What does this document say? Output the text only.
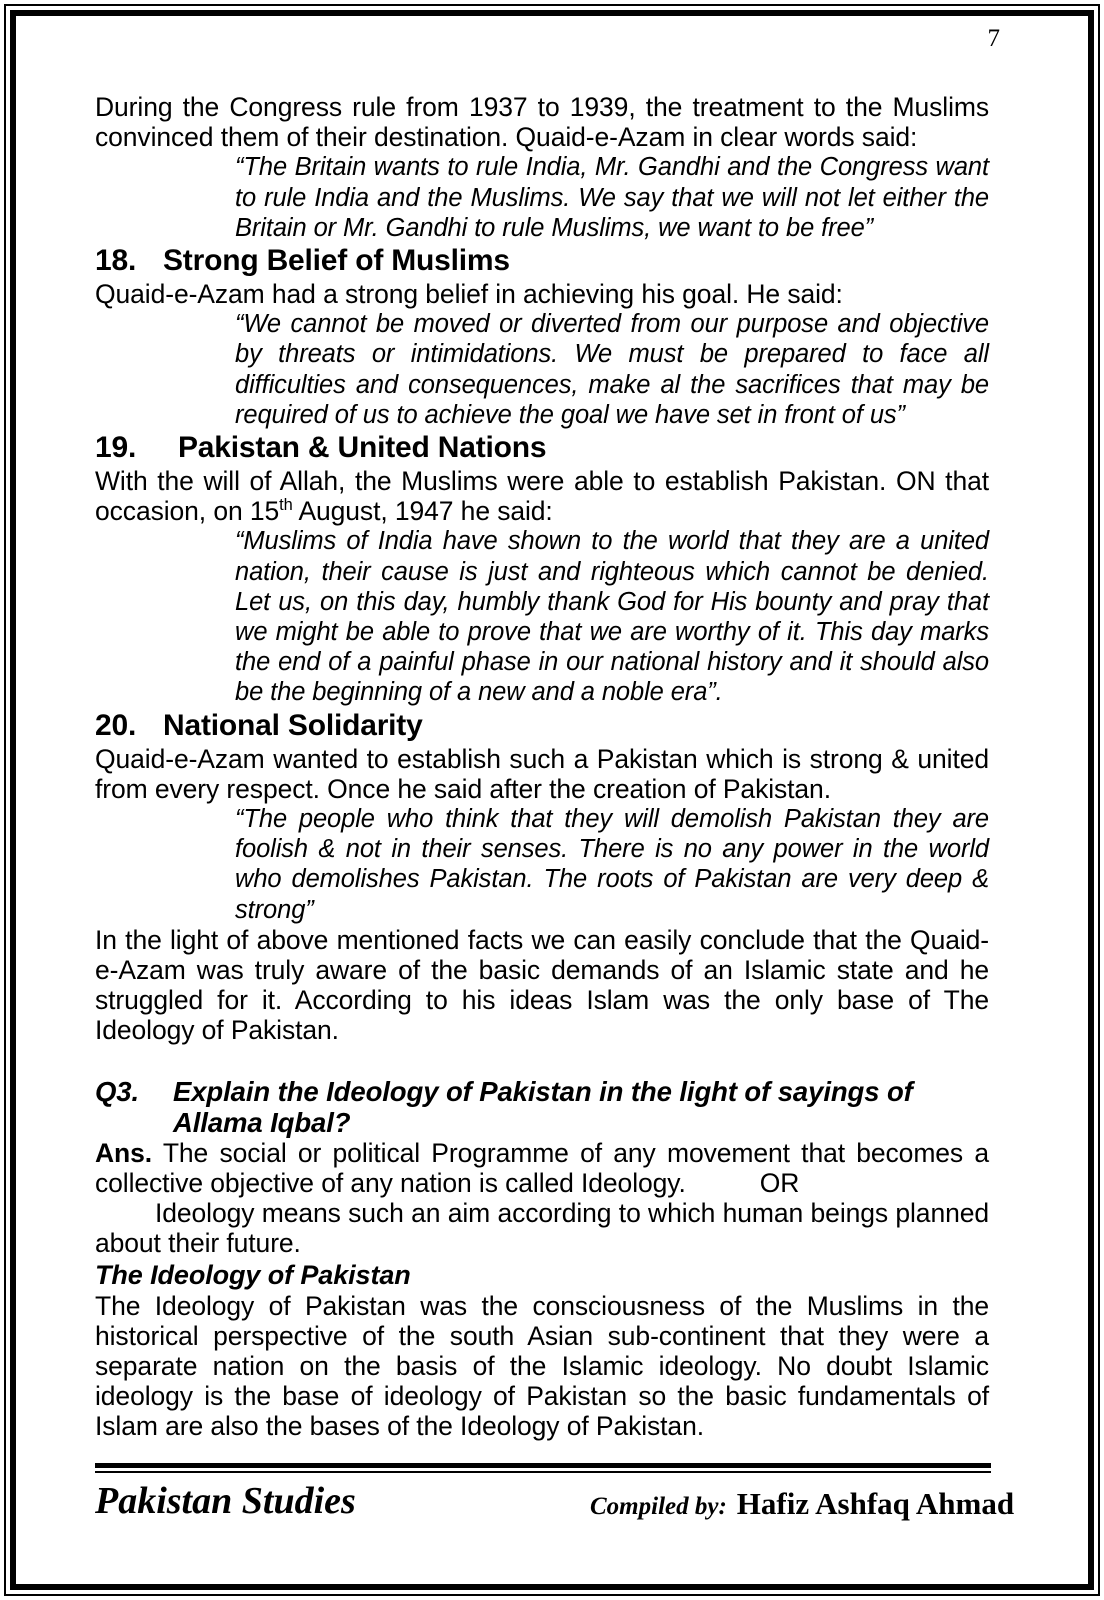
7

During the Congress rule from 1937 to 1939, the treatment to the Muslims convinced them of their destination. Quaid-e-Azam in clear words said:

“The Britain wants to rule India, Mr. Gandhi and the Congress want to rule India and the Muslims. We say that we will not let either the Britain or Mr. Gandhi to rule Muslims, we want to be free”

18. Strong Belief of Muslims

Quaid-e-Azam had a strong belief in achieving his goal. He said:

“We cannot be moved or diverted from our purpose and objective by threats or intimidations. We must be prepared to face all difficulties and consequences, make al the sacrifices that may be required of us to achieve the goal we have set in front of us”

19. Pakistan & United Nations

With the will of Allah, the Muslims were able to establish Pakistan. ON that occasion, on 15th August, 1947 he said:

“Muslims of India have shown to the world that they are a united nation, their cause is just and righteous which cannot be denied. Let us, on this day, humbly thank God for His bounty and pray that we might be able to prove that we are worthy of it. This day marks the end of a painful phase in our national history and it should also be the beginning of a new and a noble era”.

20. National Solidarity

Quaid-e-Azam wanted to establish such a Pakistan which is strong & united from every respect. Once he said after the creation of Pakistan.

“The people who think that they will demolish Pakistan they are foolish & not in their senses. There is no any power in the world who demolishes Pakistan. The roots of Pakistan are very deep & strong”

In the light of above mentioned facts we can easily conclude that the Quaid-e-Azam was truly aware of the basic demands of an Islamic state and he struggled for it. According to his ideas Islam was the only base of The Ideology of Pakistan.

Q3. Explain the Ideology of Pakistan in the light of sayings of
Allama Iqbal?

Ans. The social or political Programme of any movement that becomes a collective objective of any nation is called Ideology.	OR

Ideology means such an aim according to which human beings planned about their future.

The Ideology of Pakistan

The Ideology of Pakistan was the consciousness of the Muslims in the historical perspective of the south Asian sub-continent that they were a separate nation on the basis of the Islamic ideology. No doubt Islamic ideology is the base of ideology of Pakistan so the basic fundamentals of Islam are also the bases of the Ideology of Pakistan.

Pakistan Studies	Compiled by: Hafiz Ashfaq Ahmad
